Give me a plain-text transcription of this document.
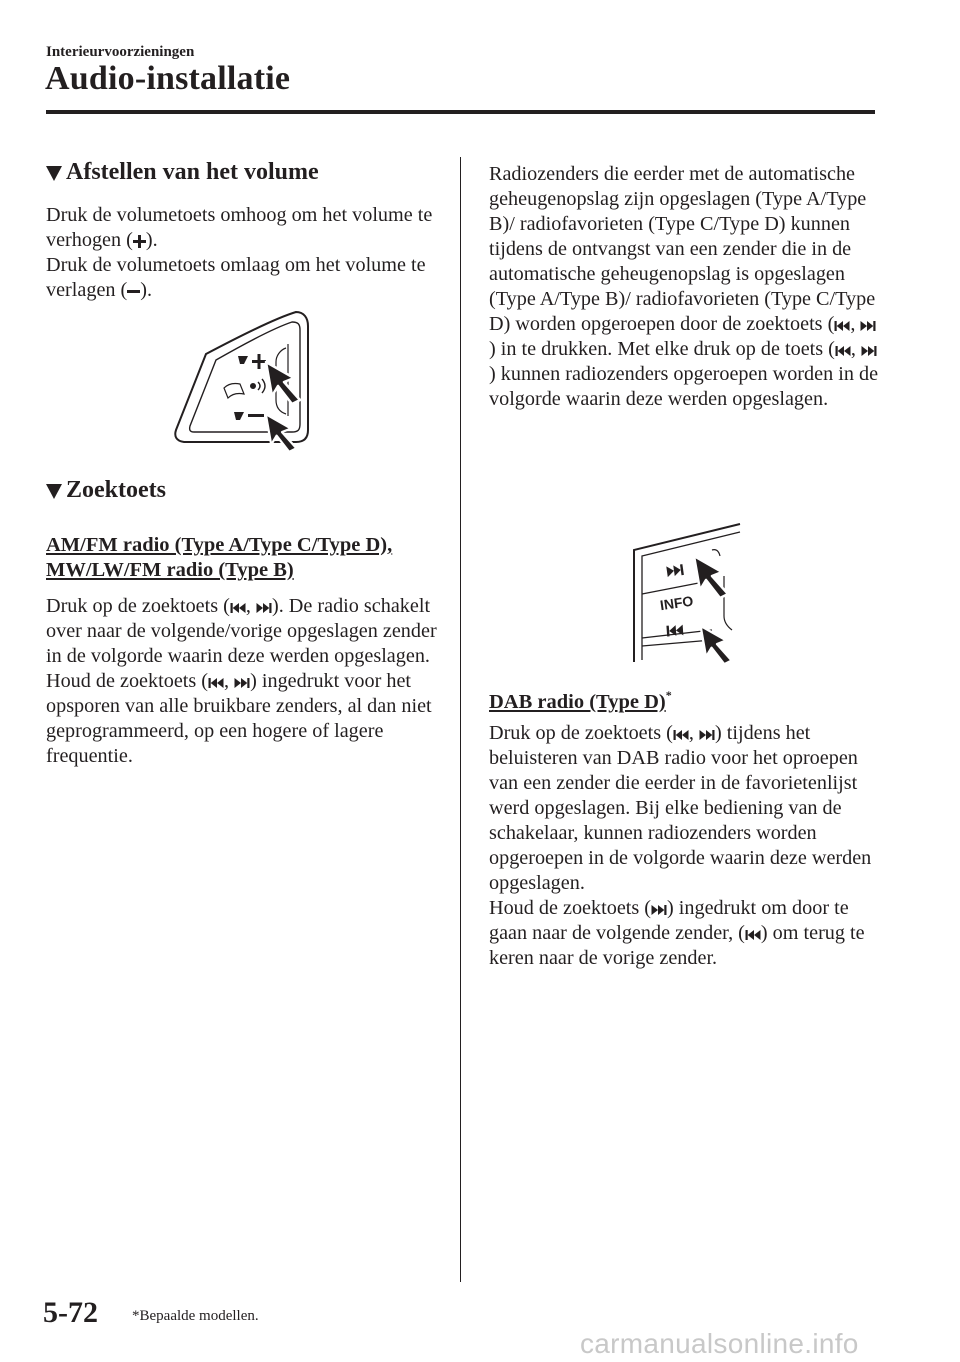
Interieurvoorzieningen
Audio-installatie
Afstellen van het volume

Druk de volumetoets omhoog om het volume te verhogen ( ).

Druk de volumetoets omlaag om het volume te verlagen ( ).

Zoektoets
AM/FM radio (Type A/Type C/Type D), MW/LW/FM radio (Type B)

Druk op de zoektoets ( , ). De radio schakelt over naar de volgende/vorige opgeslagen zender in de volgorde waarin deze werden opgeslagen.

Houd de zoektoets ( , ) ingedrukt voor het opsporen van alle bruikbare zenders, al dan niet geprogrammeerd, op een hogere of lagere frequentie.

Radiozenders die eerder met de automatische geheugenopslag zijn opgeslagen (Type A/Type B)/ radiofavorieten (Type C/Type D) kunnen tijdens de ontvangst van een zender die in de automatische geheugenopslag is opgeslagen (Type A/Type B)/ radiofavorieten (Type C/Type D) worden opgeroepen door de zoektoets ( , ) in te drukken. Met elke druk op de toets ( , ) kunnen radiozenders opgeroepen worden in de volgorde waarin deze werden opgeslagen.

INFO
DAB radio (Type D)*

Druk op de zoektoets ( , ) tijdens het beluisteren van DAB radio voor het oproepen van een zender die eerder in de favorietenlijst werd opgeslagen. Bij elke bediening van de schakelaar, kunnen radiozenders worden opgeroepen in de volgorde waarin deze werden opgeslagen.

Houd de zoektoets ( ) ingedrukt om door te gaan naar de volgende zender, ( ) om terug te keren naar de vorige zender.

5-72 *Bepaalde modellen.
carmanualsonline.info
